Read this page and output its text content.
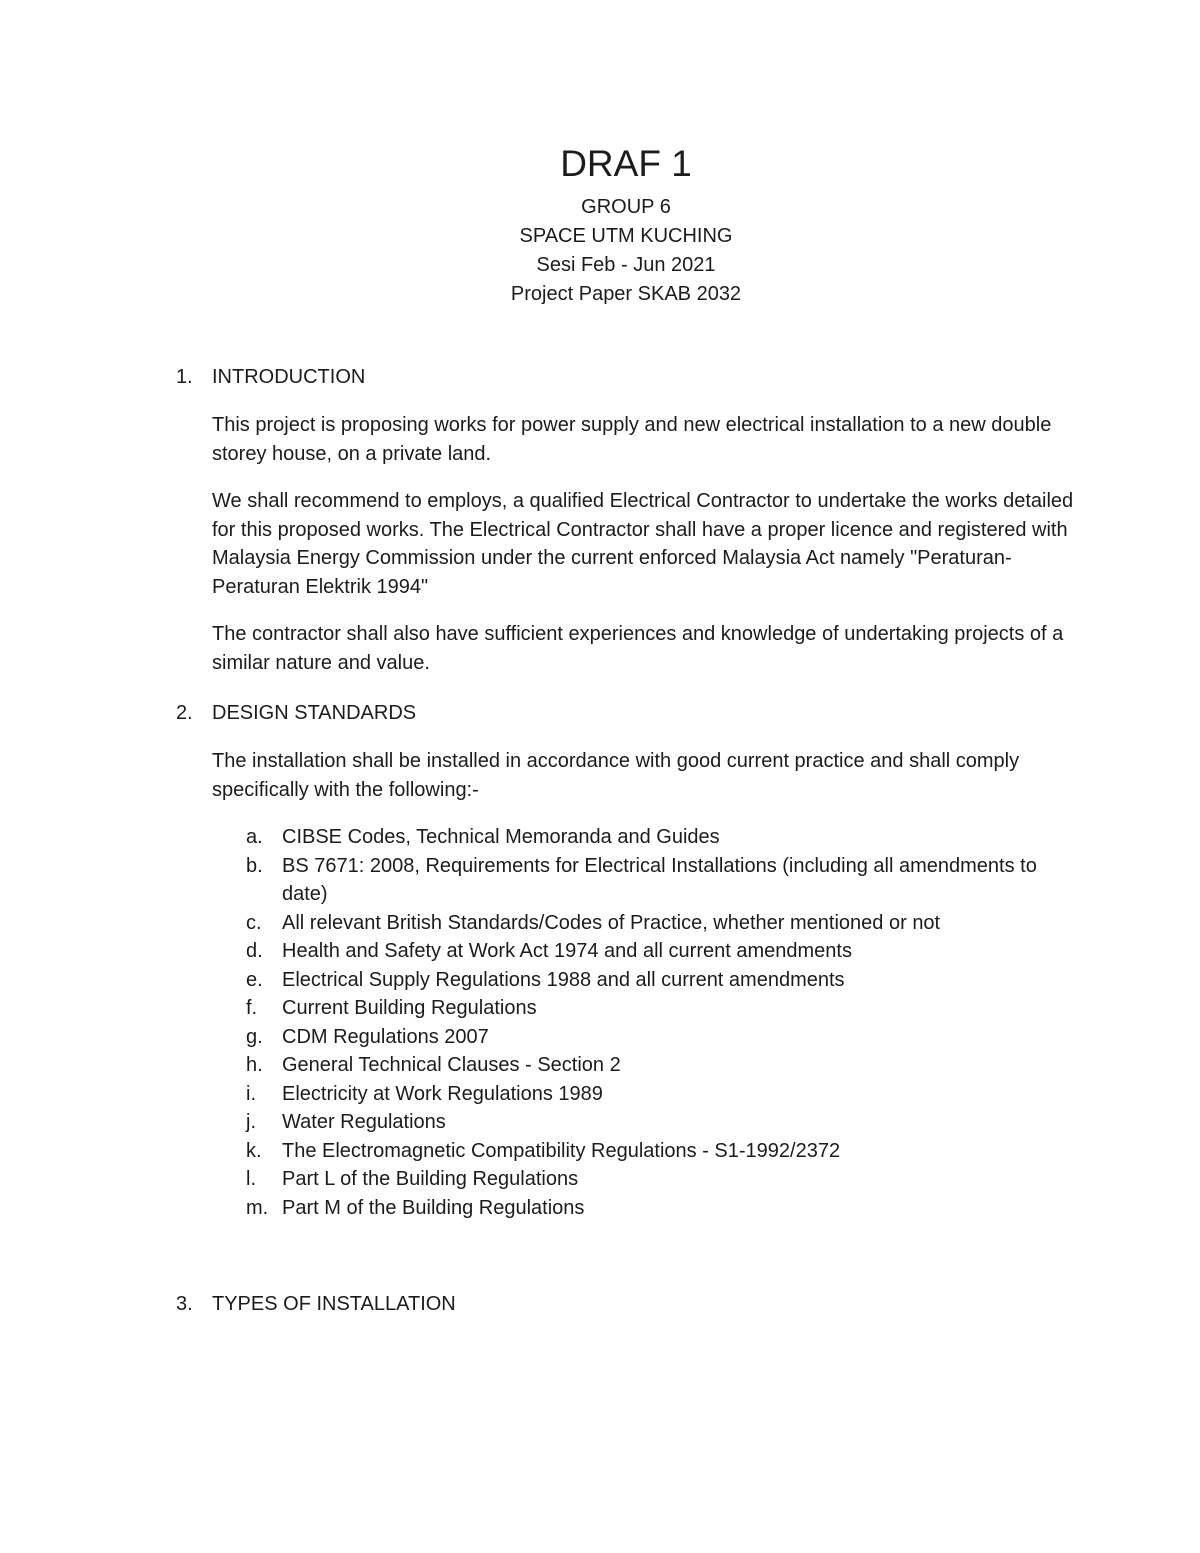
DRAF 1

GROUP 6

SPACE UTM KUCHING

Sesi Feb - Jun 2021

Project Paper SKAB 2032

1. INTRODUCTION

This project is proposing works for power supply and new electrical installation to a new double storey house, on a private land.

We shall recommend to employs, a qualified Electrical Contractor to undertake the works detailed for this proposed works. The Electrical Contractor shall have a proper licence and registered with Malaysia Energy Commission under the current enforced Malaysia Act namely "Peraturan-Peraturan Elektrik 1994"

The contractor shall also have sufficient experiences and knowledge of undertaking projects of a similar nature and value.

2. DESIGN STANDARDS

The installation shall be installed in accordance with good current practice and shall comply specifically with the following:-

a. CIBSE Codes, Technical Memoranda and Guides
b. BS 7671: 2008, Requirements for Electrical Installations (including all amendments to date)
c. All relevant British Standards/Codes of Practice, whether mentioned or not
d. Health and Safety at Work Act 1974 and all current amendments
e. Electrical Supply Regulations 1988 and all current amendments
f. Current Building Regulations
g. CDM Regulations 2007
h. General Technical Clauses - Section 2
i. Electricity at Work Regulations 1989
j. Water Regulations
k. The Electromagnetic Compatibility Regulations - S1-1992/2372
l. Part L of the Building Regulations
m. Part M of the Building Regulations

3. TYPES OF INSTALLATION
